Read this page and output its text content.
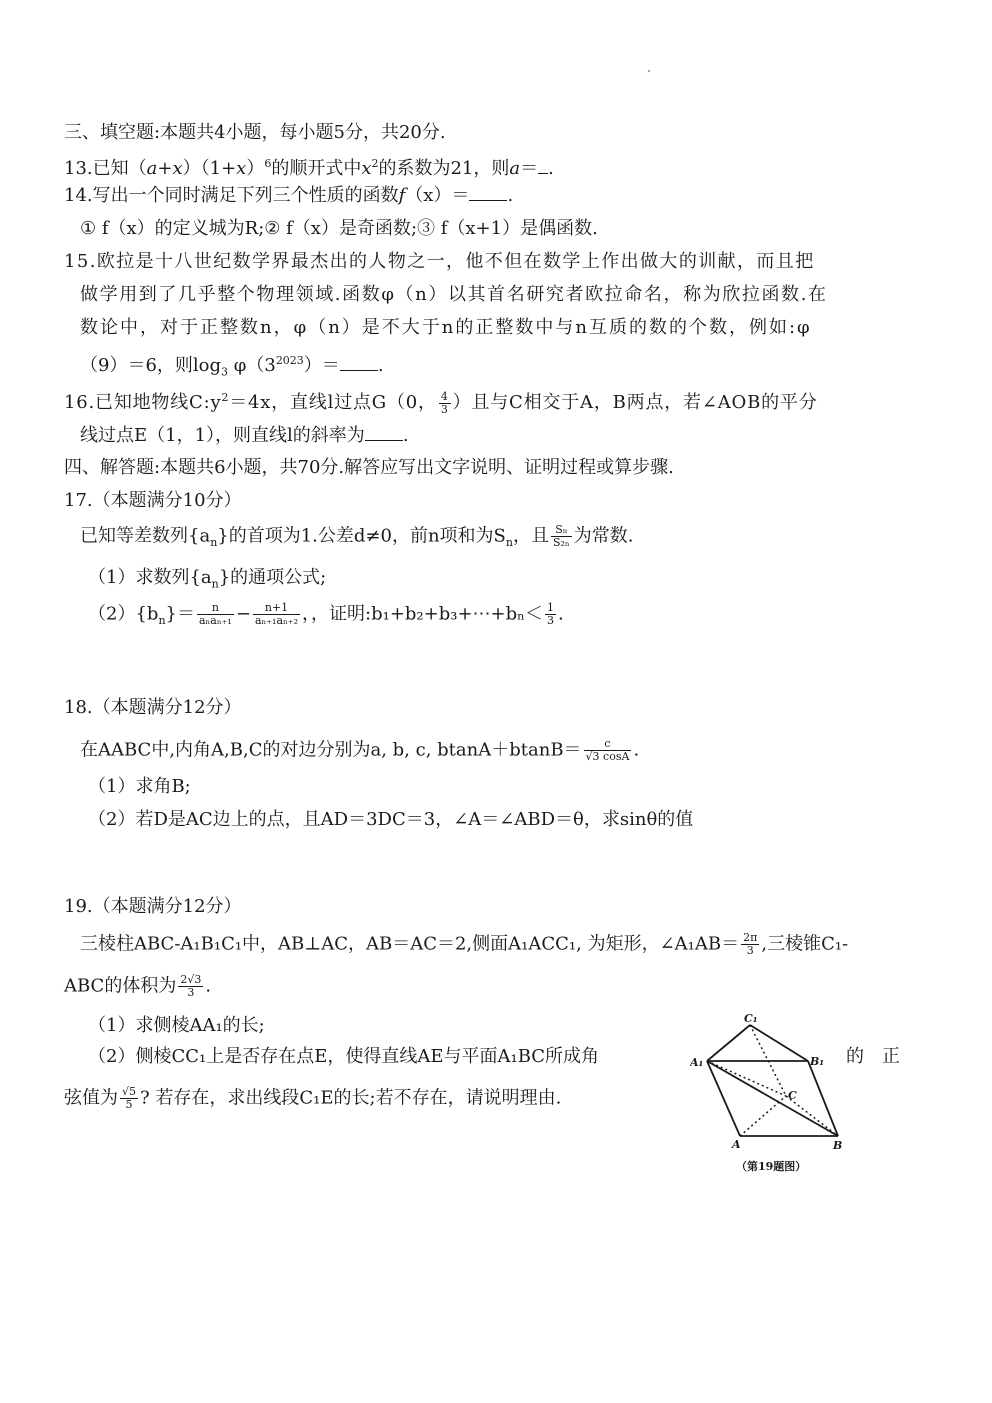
三、填空题:本题共4小题，每小题5分，共20分.
13.已知$(a+x)(1+x)^6$的顺开式中$x^2$的系数为21，则a＝ .
14.写出一个同时满足下列三个性质的函数f（x）＝ .
① f（x）的定义城为R;② f（x）是奇函数;③ f（x+1）是偶函数.
15.欧拉是十八世纪数学界最杰出的人物之一，他不但在数学上作出做大的训献，而且把
做学用到了几乎整个物理领域.函数φ（n）以其首名研究者欧拉命名，称为欣拉函数.在
数论中，对于正整数n，φ（n）是不大于n的正整数中与n互质的数的个数，例如:φ
（9）＝6，则$\log_3 \varphi(3^{2023})=$ .
16.已知地物线$C:y^2=4x$，直线l过点G（0， $\frac{4}{3}$ ）且与C相交于A，B两点，若∠AOB的平分
线过点E（1，1），则直线l的斜率为 .
四、解答题:本题共6小题，共70分.解答应写出文字说明、证明过程或算步骤.
17.（本题满分10分）
已知等差数列$\{a_n\}$的首项为1.公差d≠0，前n项和为$S_n$，且 $\frac{\text{Sₙ}}{\text{S₂ₙ}}$ 为常数.
（1）求数列$\{a_n\}$的通项公式;
$(2)\{b_n\}= \frac{n}{\text{aₙaₙ₊₁}} - \frac{n+1}{\text{aₙ₊₁aₙ₊₂}}$ ，，证明:b₁+b₂+b₃+⋯+bₙ＜ $\frac{1}{3}$ .
18.（本题满分12分）
在AABC中,内角A,B,C的对边分别为a, b, c, $btanA+btanB= \frac{c}{√3 \cos A}$ .
（1）求角B;
（2）若D是AC边上的点，且AD＝3DC＝3，∠A＝∠ABD＝θ，求sinθ的值
19.（本题满分12分）
三棱柱ABC-A₁B₁C₁中，AB⊥AC，AB＝AC＝2,侧面A₁ACC₁, 为矩形，∠A₁AB＝ $\frac{2\pi}{3}$ ,三棱锥C₁-
ABC的体积为 $\frac{2√3}{3}$ .
（1）求侧棱AA₁的长;
（2）侧棱CC₁上是否存在点E，使得直线AE与平面A₁BC所成角	的　正
弦值为 $\frac{√5}{5}$ ? 若存在，求出线段C₁E的长;若不存在，请说明理由.
C₁
A₁	B₁
C
A	B
（第19题图）
